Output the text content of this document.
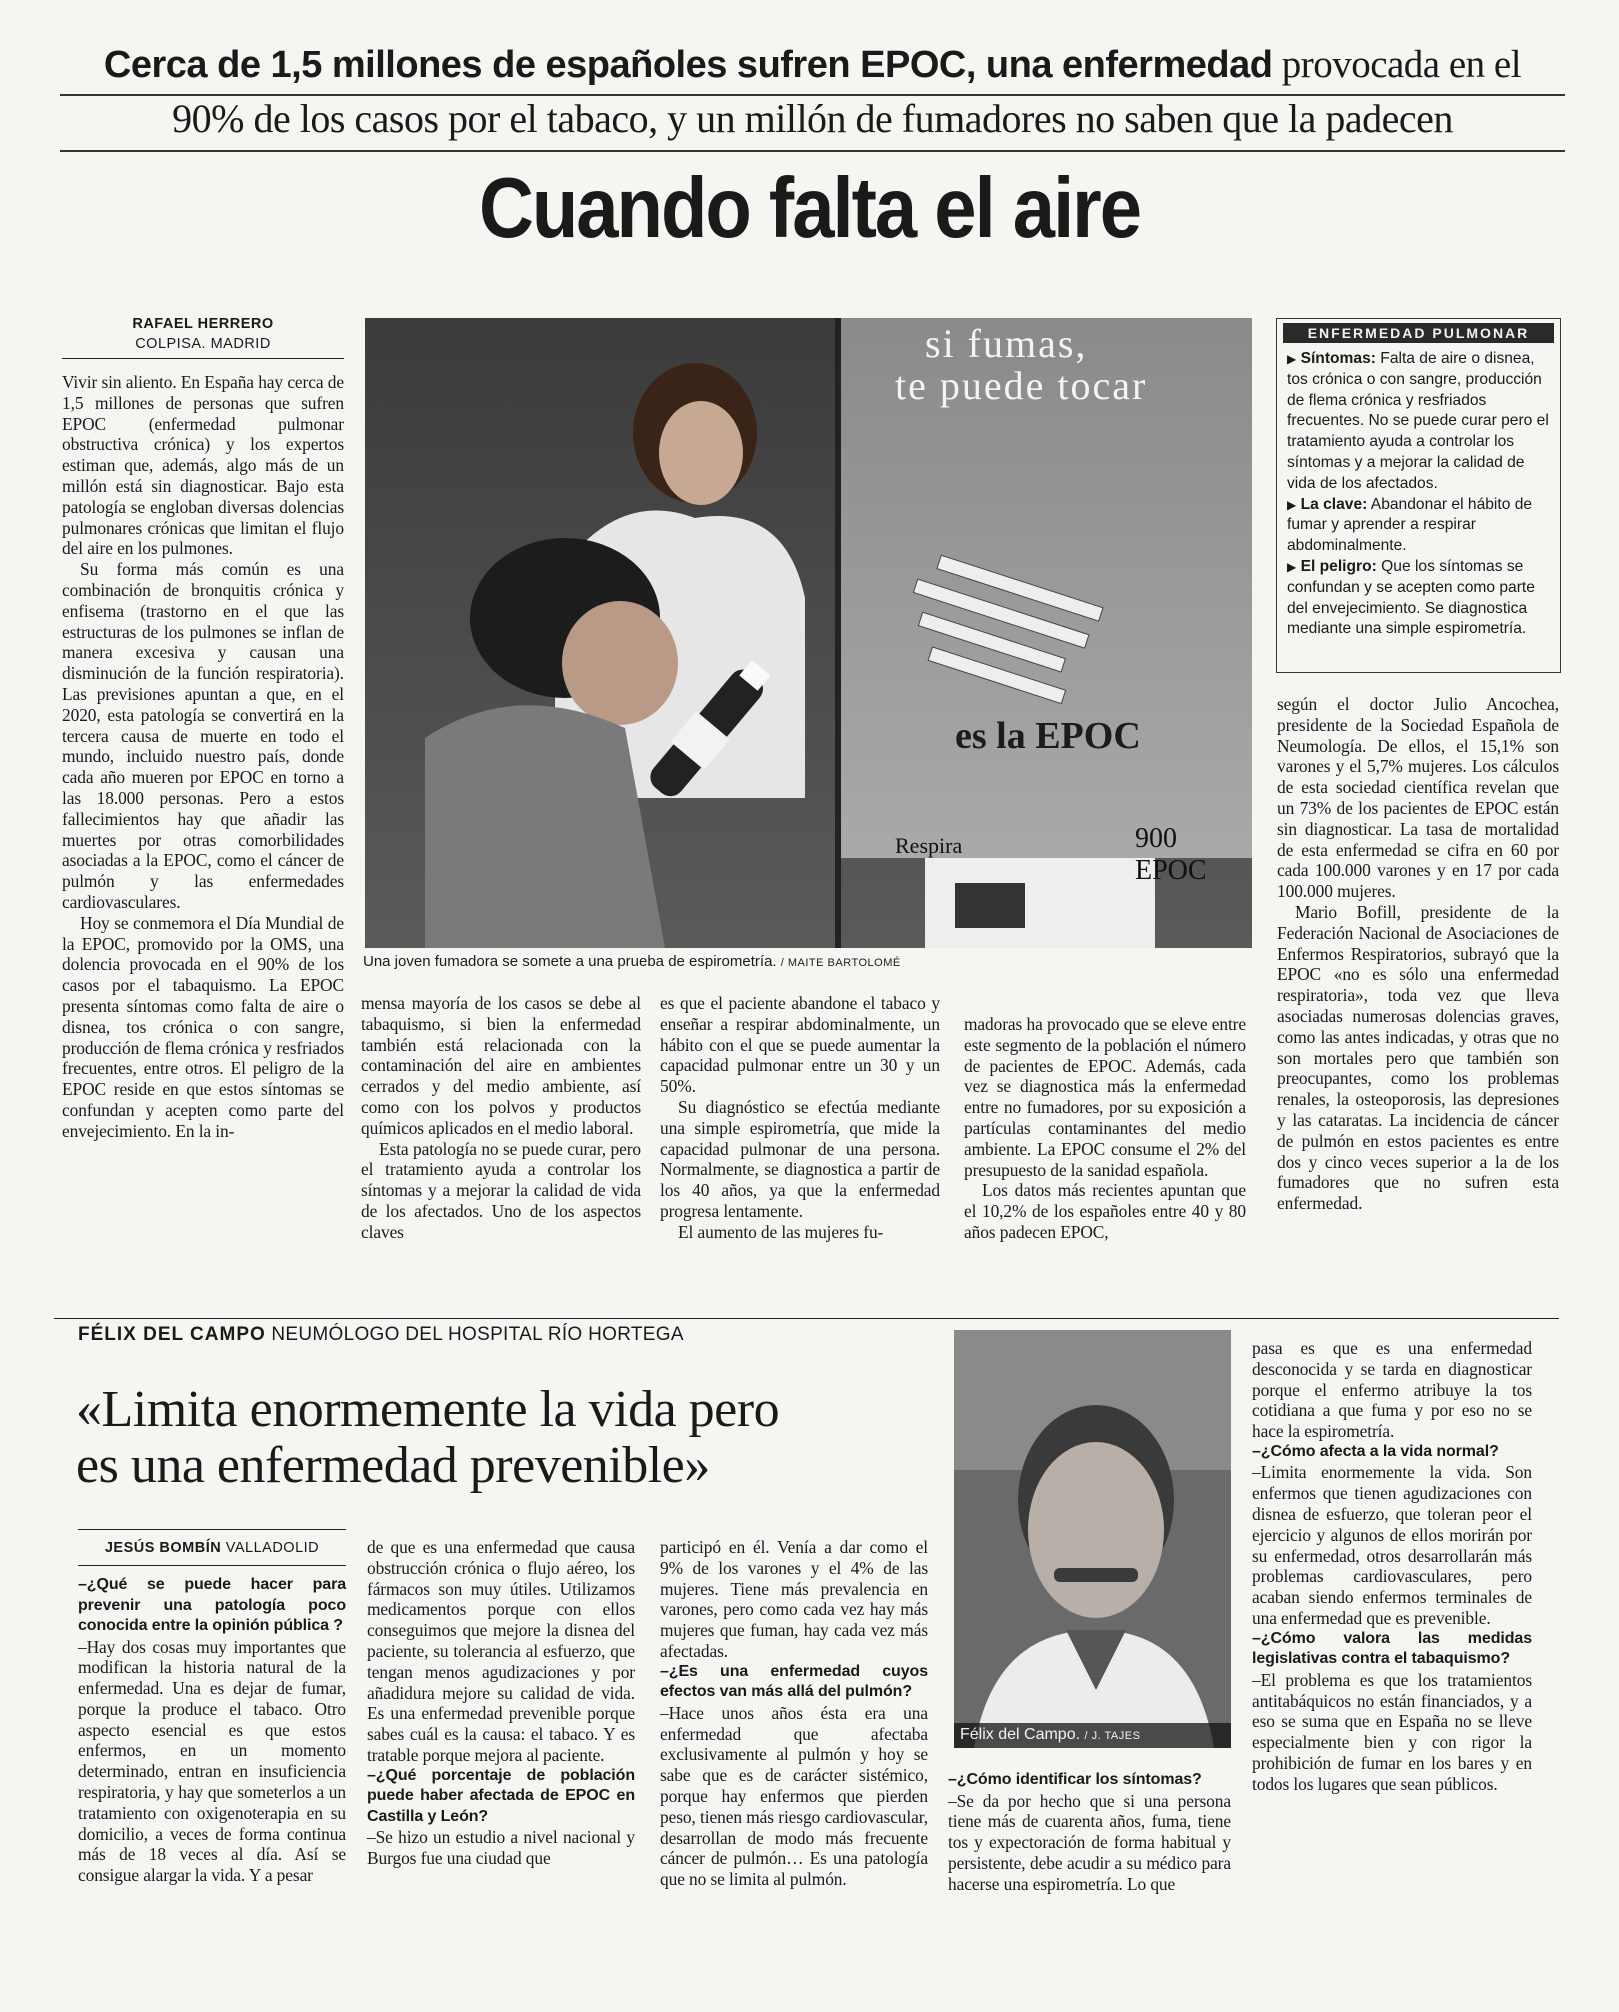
Cerca de 1,5 millones de españoles sufren EPOC, una enfermedad provocada en el
90% de los casos por el tabaco, y un millón de fumadores no saben que la padecen
Cuando falta el aire
RAFAEL HERRERO
COLPISA. MADRID	si fumas,
te puede tocar
es la EPOC
Respira	900 EPOC
Una joven fumadora se somete a una prueba de espirometría. / MAITE BARTOLOMÉ
ENFERMEDAD PULMONAR

▶ Síntomas: Falta de aire o disnea, tos crónica o con sangre, producción de flema crónica y resfriados frecuentes. No se puede curar pero el tratamiento ayuda a controlar los síntomas y a mejorar la calidad de vida de los afectados.

▶ La clave: Abandonar el hábito de fumar y aprender a respirar abdominalmente.

▶ El peligro: Que los síntomas se confundan y se acepten como parte del envejecimiento. Se diagnostica mediante una simple espirometría.

Vivir sin aliento. En España hay cerca de 1,5 millones de personas que sufren EPOC (enfermedad pulmonar obstructiva crónica) y los expertos estiman que, además, algo más de un millón está sin diagnosticar. Bajo esta patología se engloban diversas dolencias pulmonares crónicas que limitan el flujo del aire en los pulmones.

Su forma más común es una combinación de bronquitis crónica y enfisema (trastorno en el que las estructuras de los pulmones se inflan de manera excesiva y causan una disminución de la función respiratoria). Las previsiones apuntan a que, en el 2020, esta patología se convertirá en la tercera causa de muerte en todo el mundo, incluido nuestro país, donde cada año mueren por EPOC en torno a las 18.000 personas. Pero a estos fallecimientos hay que añadir las muertes por otras comorbilidades asociadas a la EPOC, como el cáncer de pulmón y las enfermedades cardiovasculares.

Hoy se conmemora el Día Mundial de la EPOC, promovido por la OMS, una dolencia provocada en el 90% de los casos por el tabaquismo. La EPOC presenta síntomas como falta de aire o disnea, tos crónica o con sangre, producción de flema crónica y resfriados frecuentes, entre otros. El peligro de la EPOC reside en que estos síntomas se confundan y acepten como parte del envejecimiento. En la in-

mensa mayoría de los casos se debe al tabaquismo, si bien la enfermedad también está relacionada con la contaminación del aire en ambientes cerrados y del medio ambiente, así como con los polvos y productos químicos aplicados en el medio laboral.

Esta patología no se puede curar, pero el tratamiento ayuda a controlar los síntomas y a mejorar la calidad de vida de los afectados. Uno de los aspectos claves

es que el paciente abandone el tabaco y enseñar a respirar abdominalmente, un hábito con el que se puede aumentar la capacidad pulmonar entre un 30 y un 50%.

Su diagnóstico se efectúa mediante una simple espirometría, que mide la capacidad pulmonar de una persona. Normalmente, se diagnostica a partir de los 40 años, ya que la enfermedad progresa lentamente.

El aumento de las mujeres fu-

madoras ha provocado que se eleve entre este segmento de la población el número de pacientes de EPOC. Además, cada vez se diagnostica más la enfermedad entre no fumadores, por su exposición a partículas contaminantes del medio ambiente. La EPOC consume el 2% del presupuesto de la sanidad española.

Los datos más recientes apuntan que el 10,2% de los españoles entre 40 y 80 años padecen EPOC,

según el doctor Julio Ancochea, presidente de la Sociedad Española de Neumología. De ellos, el 15,1% son varones y el 5,7% mujeres. Los cálculos de esta sociedad científica revelan que un 73% de los pacientes de EPOC están sin diagnosticar. La tasa de mortalidad de esta enfermedad se cifra en 60 por cada 100.000 varones y en 17 por cada 100.000 mujeres.

Mario Bofill, presidente de la Federación Nacional de Asociaciones de Enfermos Respiratorios, subrayó que la EPOC «no es sólo una enfermedad respiratoria», toda vez que lleva asociadas numerosas dolencias graves, como las antes indicadas, y otras que no son mortales pero que también son preocupantes, como los problemas renales, la osteoporosis, las depresiones y las cataratas. La incidencia de cáncer de pulmón en estos pacientes es entre dos y cinco veces superior a la de los fumadores que no sufren esta enfermedad.

FÉLIX DEL CAMPO NEUMÓLOGO DEL HOSPITAL RÍO HORTEGA
«Limita enormemente la vida pero
es una enfermedad prevenible»
JESÚS BOMBÍN VALLADOLID

–¿Qué se puede hacer para prevenir una patología poco conocida entre la opinión pública ?

–Hay dos cosas muy importantes que modifican la historia natural de la enfermedad. Una es dejar de fumar, porque la produce el tabaco. Otro aspecto esencial es que estos enfermos, en un momento determinado, entran en insuficiencia respiratoria, y hay que someterlos a un tratamiento con oxigenoterapia en su domicilio, a veces de forma continua más de 18 veces al día. Así se consigue alargar la vida. Y a pesar

de que es una enfermedad que causa obstrucción crónica o flujo aéreo, los fármacos son muy útiles. Utilizamos medicamentos porque con ellos conseguimos que mejore la disnea del paciente, su tolerancia al esfuerzo, que tengan menos agudizaciones y por añadidura mejore su calidad de vida. Es una enfermedad prevenible porque sabes cuál es la causa: el tabaco. Y es tratable porque mejora al paciente.

–¿Qué porcentaje de población puede haber afectada de EPOC en Castilla y León?

–Se hizo un estudio a nivel nacional y Burgos fue una ciudad que

participó en él. Venía a dar como el 9% de los varones y el 4% de las mujeres. Tiene más prevalencia en varones, pero como cada vez hay más mujeres que fuman, hay cada vez más afectadas.

–¿Es una enfermedad cuyos efectos van más allá del pulmón?

–Hace unos años ésta era una enfermedad que afectaba exclusivamente al pulmón y hoy se sabe que es de carácter sistémico, porque hay enfermos que pierden peso, tienen más riesgo cardiovascular, desarrollan de modo más frecuente cáncer de pulmón… Es una patología que no se limita al pulmón.

Félix del Campo. / J. TAJES

–¿Cómo identificar los síntomas?

–Se da por hecho que si una persona tiene más de cuarenta años, fuma, tiene tos y expectoración de forma habitual y persistente, debe acudir a su médico para hacerse una espirometría. Lo que

pasa es que es una enfermedad desconocida y se tarda en diagnosticar porque el enfermo atribuye la tos cotidiana a que fuma y por eso no se hace la espirometría.

–¿Cómo afecta a la vida normal?

–Limita enormemente la vida. Son enfermos que tienen agudizaciones con disnea de esfuerzo, que toleran peor el ejercicio y algunos de ellos morirán por su enfermedad, otros desarrollarán más problemas cardiovasculares, pero acaban siendo enfermos terminales de una enfermedad que es prevenible.

–¿Cómo valora las medidas legislativas contra el tabaquismo?

–El problema es que los tratamientos antitabáquicos no están financiados, y a eso se suma que en España no se lleve especialmente bien y con rigor la prohibición de fumar en los bares y en todos los lugares que sean públicos.
